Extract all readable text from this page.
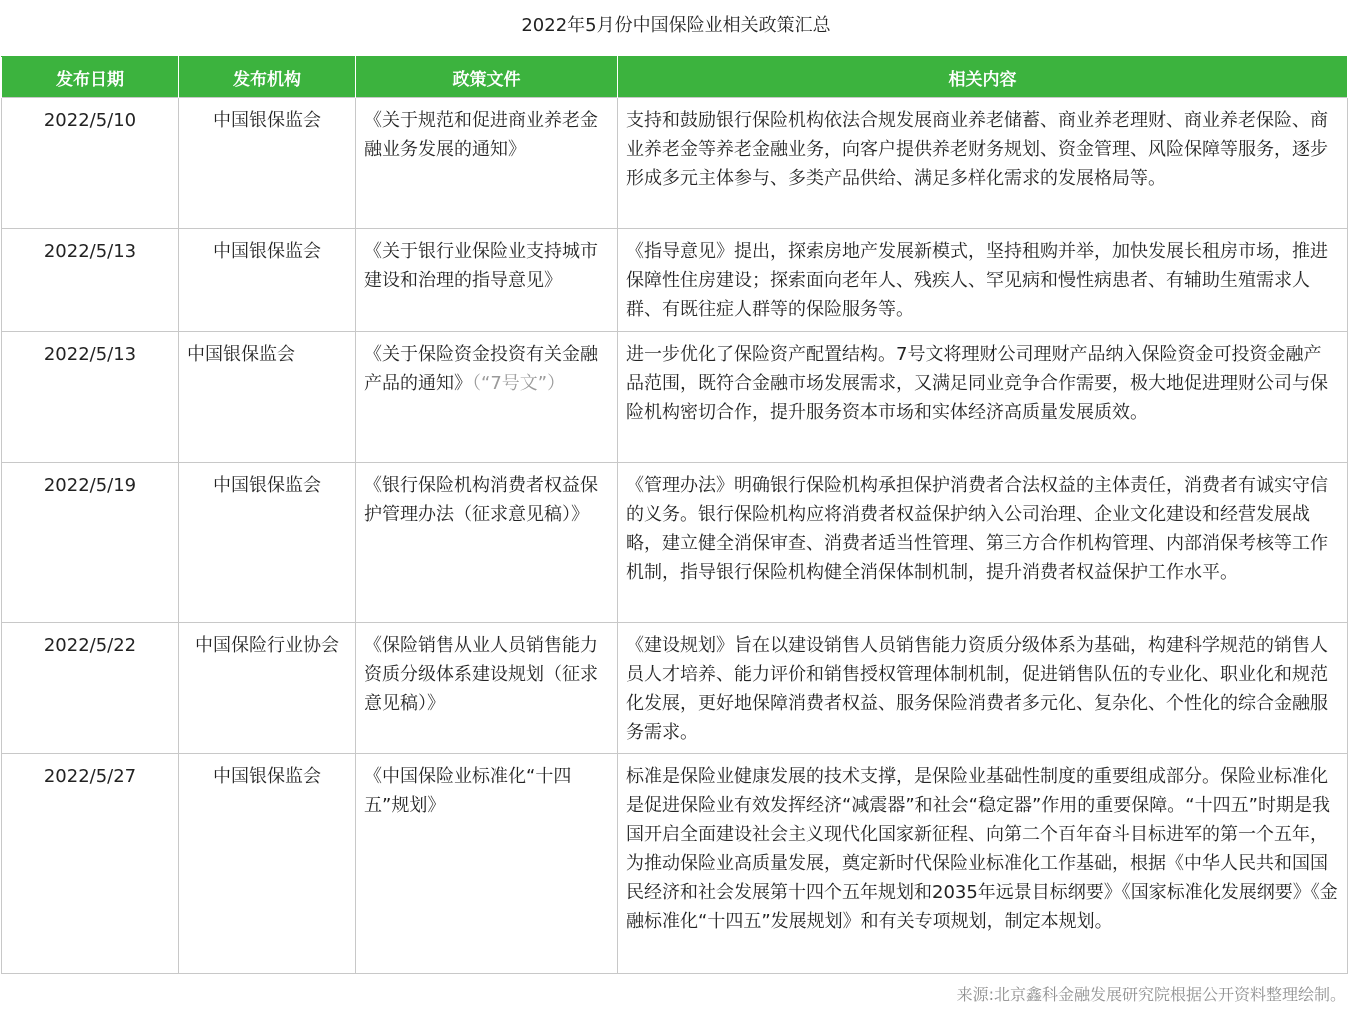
2022年5月份中国保险业相关政策汇总
发布日期	发布机构	政策文件	相关内容
2022/5/10	中国银保监会	《关于规范和促进商业养老金融业务发展的通知》	支持和鼓励银行保险机构依法合规发展商业养老储蓄、商业养老理财、商业养老保险、商业养老金等养老金融业务，向客户提供养老财务规划、资金管理、风险保障等服务，逐步形成多元主体参与、多类产品供给、满足多样化需求的发展格局等。
2022/5/13	中国银保监会	《关于银行业保险业支持城市建设和治理的指导意见》	《指导意见》提出，探索房地产发展新模式，坚持租购并举，加快发展长租房市场，推进保障性住房建设；探索面向老年人、残疾人、罕见病和慢性病患者、有辅助生殖需求人群、有既往症人群等的保险服务等。
2022/5/13	中国银保监会	《关于保险资金投资有关金融产品的通知》（“7号文”）	进一步优化了保险资产配置结构。7号文将理财公司理财产品纳入保险资金可投资金融产品范围，既符合金融市场发展需求，又满足同业竞争合作需要，极大地促进理财公司与保险机构密切合作，提升服务资本市场和实体经济高质量发展质效。
2022/5/19	中国银保监会	《银行保险机构消费者权益保护管理办法（征求意见稿）》	《管理办法》明确银行保险机构承担保护消费者合法权益的主体责任，消费者有诚实守信的义务。银行保险机构应将消费者权益保护纳入公司治理、企业文化建设和经营发展战略，建立健全消保审查、消费者适当性管理、第三方合作机构管理、内部消保考核等工作机制，指导银行保险机构健全消保体制机制，提升消费者权益保护工作水平。
2022/5/22	中国保险行业协会	《保险销售从业人员销售能力资质分级体系建设规划（征求意见稿）》	《建设规划》旨在以建设销售人员销售能力资质分级体系为基础，构建科学规范的销售人员人才培养、能力评价和销售授权管理体制机制，促进销售队伍的专业化、职业化和规范化发展，更好地保障消费者权益、服务保险消费者多元化、复杂化、个性化的综合金融服务需求。
2022/5/27	中国银保监会	《中国保险业标准化“十四五”规划》	标准是保险业健康发展的技术支撑，是保险业基础性制度的重要组成部分。保险业标准化是促进保险业有效发挥经济“减震器”和社会“稳定器”作用的重要保障。“十四五”时期是我国开启全面建设社会主义现代化国家新征程、向第二个百年奋斗目标进军的第一个五年，为推动保险业高质量发展，奠定新时代保险业标准化工作基础，根据《中华人民共和国国民经济和社会发展第十四个五年规划和2035年远景目标纲要》《国家标准化发展纲要》《金融标准化“十四五”发展规划》和有关专项规划，制定本规划。
来源:北京鑫科金融发展研究院根据公开资料整理绘制。
